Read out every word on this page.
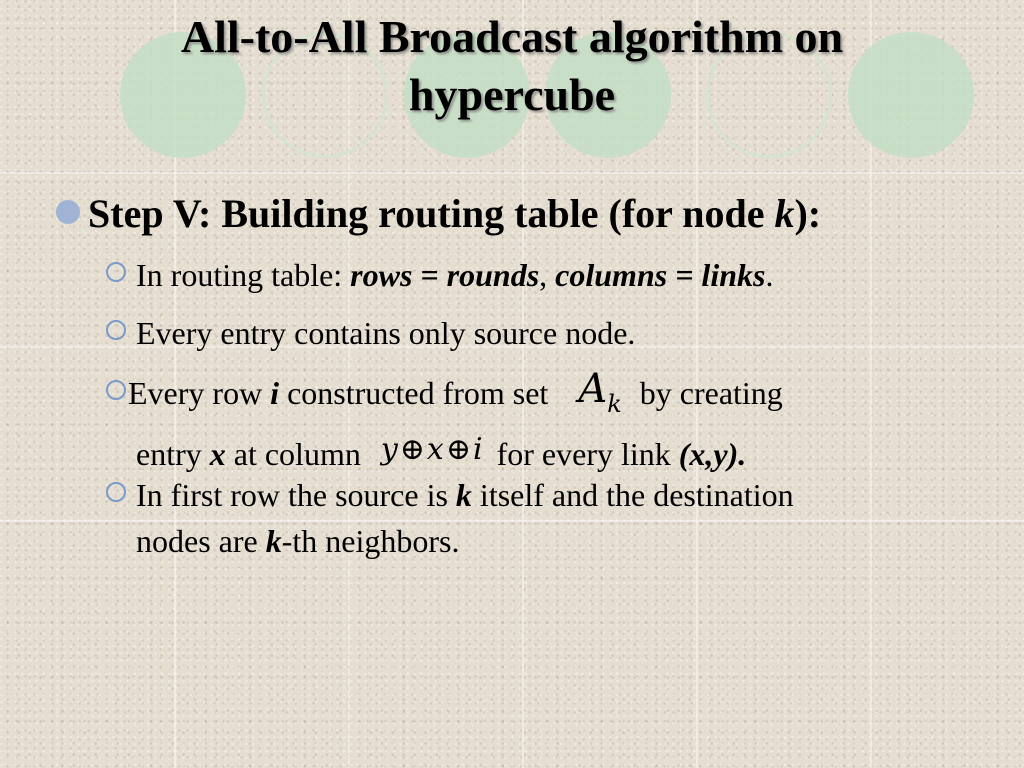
All-to-All Broadcast algorithm on
hypercube
Step V: Building routing table (for node k):
In routing table: rows = rounds, columns = links.
Every entry contains only source node.
Every row i constructed from set $A_k$ by creating
entry x at column y⊕x⊕i for every link (x,y).
In first row the source is k itself and the destination
nodes are k-th neighbors.
